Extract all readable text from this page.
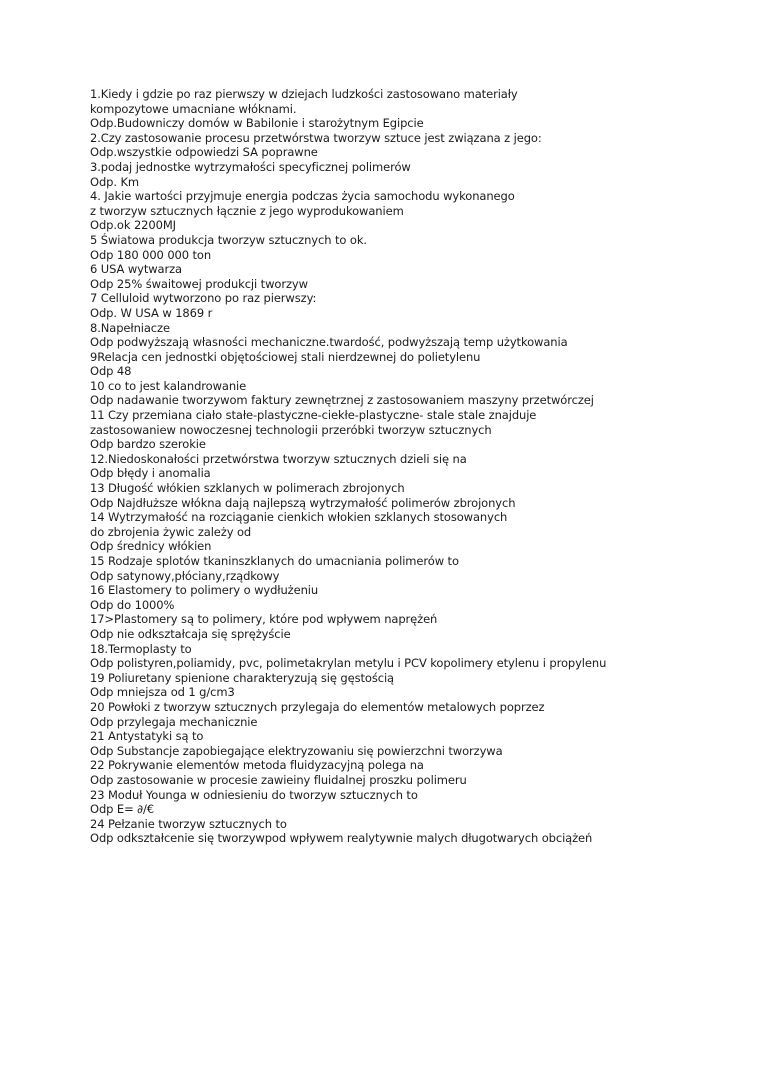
1.Kiedy i gdzie po raz pierwszy w dziejach ludzkości zastosowano materiały
kompozytowe umacniane włóknami.
Odp.Budowniczy domów w Babilonie i starożytnym Egipcie
2.Czy zastosowanie procesu przetwórstwa tworzyw sztuce jest związana z jego:
Odp.wszystkie odpowiedzi SA poprawne
3.podaj jednostke wytrzymałości specyficznej polimerów
Odp. Km
4. Jakie wartości przyjmuje energia podczas życia samochodu wykonanego
z tworzyw sztucznych łącznie z jego wyprodukowaniem
Odp.ok 2200MJ
5 Światowa produkcja tworzyw sztucznych to ok.
Odp 180 000 000 ton
6 USA wytwarza
Odp 25% śwaitowej produkcji tworzyw
7 Celluloid wytworzono po raz pierwszy:
Odp. W USA w 1869 r
8.Napełniacze
Odp podwyższają własności mechaniczne.twardość, podwyższają temp użytkowania
9Relacja cen jednostki objętościowej stali nierdzewnej do polietylenu
Odp 48
10 co to jest kalandrowanie
Odp nadawanie tworzywom faktury zewnętrznej z zastosowaniem maszyny przetwórczej
11 Czy przemiana ciało stałe-plastyczne-ciekłe-plastyczne- stale stale znajduje
zastosowaniew nowoczesnej technologii przeróbki tworzyw sztucznych
Odp bardzo szerokie
12.Niedoskonałości przetwórstwa tworzyw sztucznych dzieli się na
Odp błędy i anomalia
13 Długość włókien szklanych w polimerach zbrojonych
Odp Najdłuższe włókna dają najlepszą wytrzymałość polimerów zbrojonych
14 Wytrzymałość na rozciąganie cienkich włokien szklanych stosowanych
do zbrojenia żywic zależy od
Odp średnicy włókien
15 Rodzaje splotów tkaninszklanych do umacniania polimerów to
Odp satynowy,płóciany,rządkowy
16 Elastomery to polimery o wydłużeniu
Odp do 1000%
17>Plastomery są to polimery, które pod wpływem naprężeń
Odp nie odkształcaja się sprężyście
18.Termoplasty to
Odp polistyren,poliamidy, pvc, polimetakrylan metylu i PCV kopolimery etylenu i propylenu
19 Poliuretany spienione charakteryzują się gęstością
Odp mniejsza od 1 g/cm3
20 Powłoki z tworzyw sztucznych przylegaja do elementów metalowych poprzez
Odp przylegaja mechanicznie
21 Antystatyki są to
Odp Substancje zapobiegające elektryzowaniu się powierzchni tworzywa
22 Pokrywanie elementów metoda fluidyzacyjną polega na
Odp zastosowanie w procesie zawieiny fluidalnej proszku polimeru
23 Moduł Younga w odniesieniu do tworzyw sztucznych to
Odp E= ∂/€
24 Pełzanie tworzyw sztucznych to
Odp odkształcenie się tworzywpod wpływem realytywnie malych długotwarych obciążeń
